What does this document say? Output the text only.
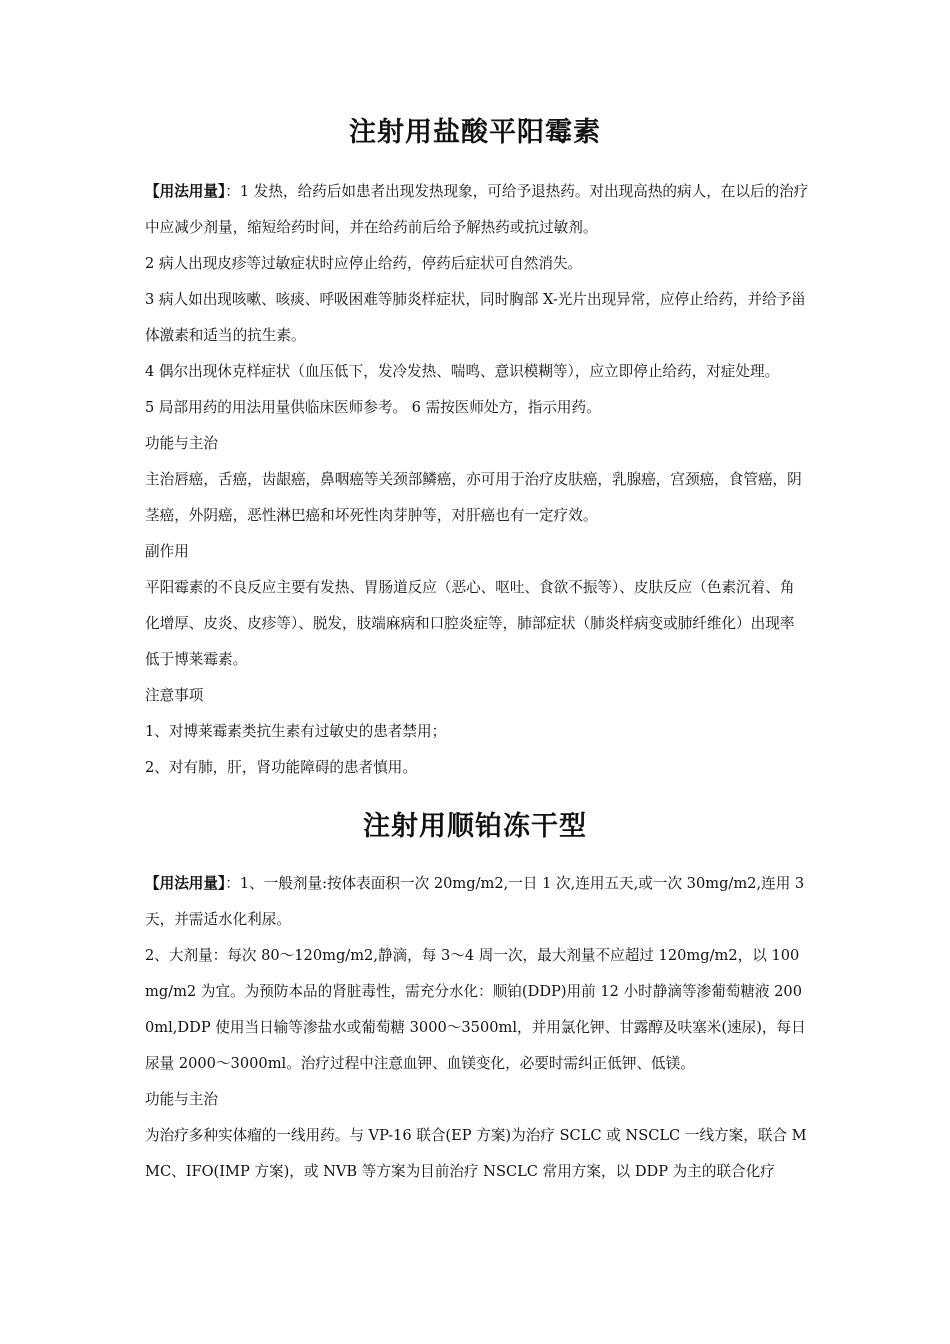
注射用盐酸平阳霉素

【用法用量】：1 发热，给药后如患者出现发热现象，可给予退热药。对出现高热的病人，在以后的治疗中应减少剂量，缩短给药时间，并在给药前后给予解热药或抗过敏剂。

2 病人出现皮疹等过敏症状时应停止给药，停药后症状可自然消失。

3 病人如出现咳嗽、咳痰、呼吸困难等肺炎样症状，同时胸部 X-光片出现异常，应停止给药，并给予甾体激素和适当的抗生素。

4 偶尔出现休克样症状（血压低下，发冷发热、喘鸣、意识模糊等），应立即停止给药，对症处理。

5 局部用药的用法用量供临床医师参考。 6 需按医师处方，指示用药。

功能与主治

主治唇癌，舌癌，齿龈癌，鼻咽癌等关颈部鳞癌，亦可用于治疗皮肤癌，乳腺癌，宫颈癌，食管癌，阴茎癌，外阴癌，恶性淋巴癌和坏死性肉芽肿等，对肝癌也有一定疗效。

副作用

平阳霉素的不良反应主要有发热、胃肠道反应（恶心、呕吐、食欲不振等）、皮肤反应（色素沉着、角化增厚、皮炎、皮疹等）、脱发，肢端麻病和口腔炎症等，肺部症状（肺炎样病变或肺纤维化）出现率低于博莱霉素。

注意事项

1、对博莱霉素类抗生素有过敏史的患者禁用；

2、对有肺，肝，肾功能障碍的患者慎用。

注射用顺铂冻干型

【用法用量】：1、一般剂量:按体表面积一次 20mg/m2,一日 1 次,连用五天,或一次 30mg/m2,连用 3 天，并需适水化利尿。

2、大剂量：每次 80～120mg/m2,静滴，每 3～4 周一次，最大剂量不应超过 120mg/m2，以 100mg/m2 为宜。为预防本品的肾脏毒性，需充分水化：顺铂(DDP)用前 12 小时静滴等渗葡萄糖液 2000ml,DDP 使用当日输等渗盐水或葡萄糖 3000～3500ml，并用氯化钾、甘露醇及呋塞米(速尿)，每日尿量 2000～3000ml。治疗过程中注意血钾、血镁变化，必要时需纠正低钾、低镁。

功能与主治

为治疗多种实体瘤的一线用药。与 VP-16 联合(EP 方案)为治疗 SCLC 或 NSCLC 一线方案，联合 MMC、IFO(IMP 方案)，或 NVB 等方案为目前治疗 NSCLC 常用方案，以 DDP 为主的联合化疗
